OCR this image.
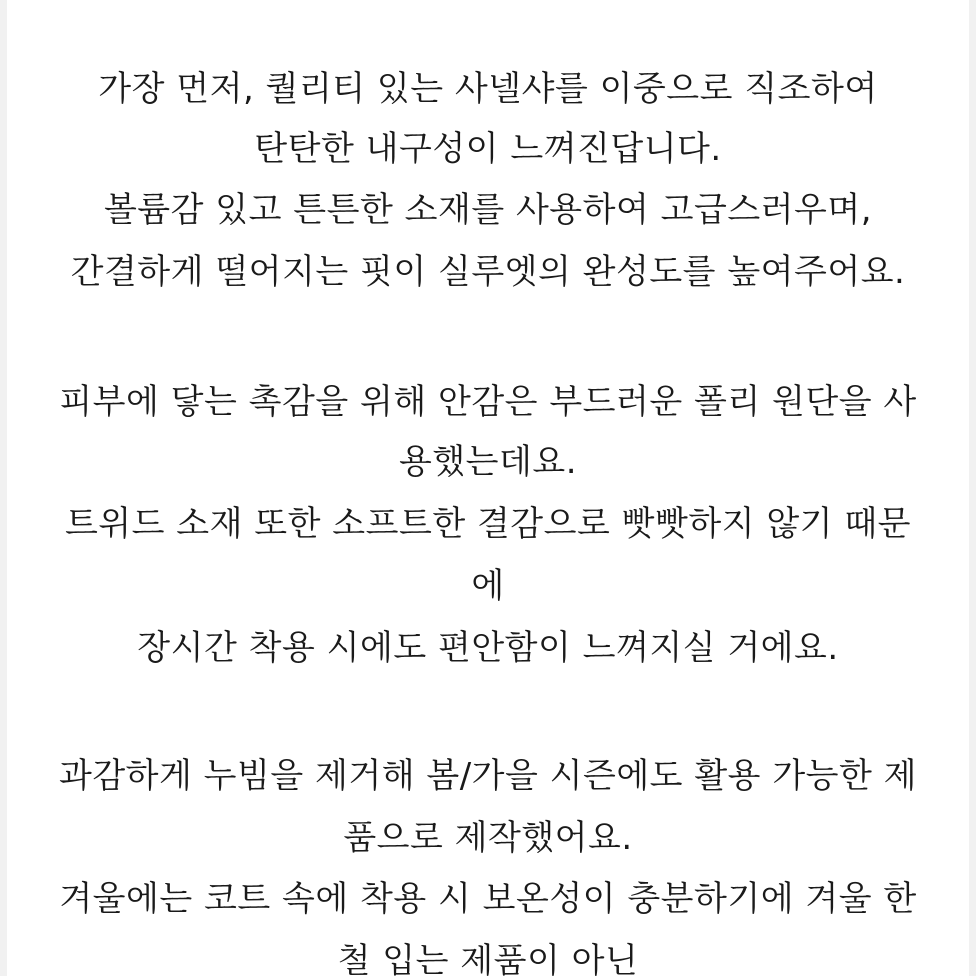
가장 먼저, 퀄리티 있는 사넬샤를 이중으로 직조하여
탄탄한 내구성이 느껴진답니다.
볼륨감 있고 튼튼한 소재를 사용하여 고급스러우며,
간결하게 떨어지는 핏이 실루엣의 완성도를 높여주어요.
피부에 닿는 촉감을 위해 안감은 부드러운 폴리 원단을 사
용했는데요.
트위드 소재 또한 소프트한 결감으로 빳빳하지 않기 때문
에
장시간 착용 시에도 편안함이 느껴지실 거에요.
과감하게 누빔을 제거해 봄/가을 시즌에도 활용 가능한 제
품으로 제작했어요.
겨울에는 코트 속에 착용 시 보온성이 충분하기에 겨울 한
철 입는 제품이 아닌
